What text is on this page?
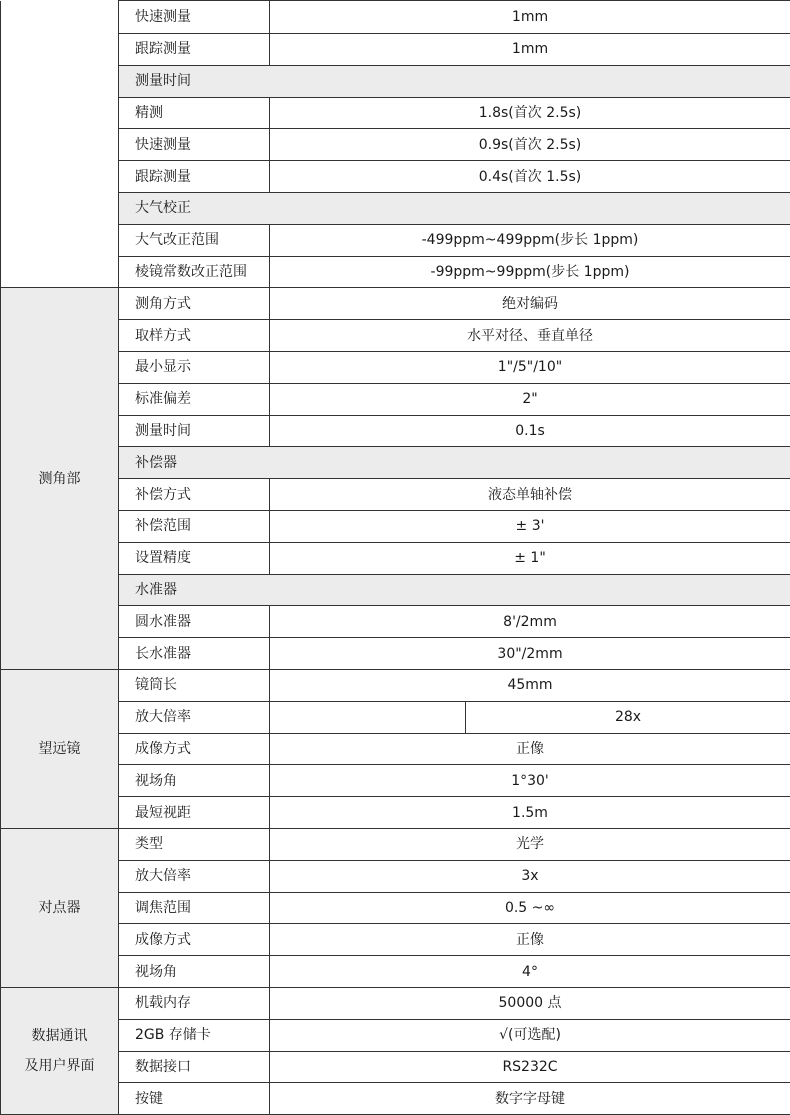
	快速测量	1mm	
	跟踪测量	1mm	
	测量时间		
	精测	1.8s(首次 2.5s)	
	快速测量	0.9s(首次 2.5s)	
	跟踪测量	0.4s(首次 1.5s)	
	大气校正		
	大气改正范围	-499ppm~499ppm(步长 1ppm)	
	棱镜常数改正范围	-99ppm~99ppm(步长 1ppm)	
测角部	测角方式	绝对编码	
	取样方式	水平对径、垂直单径	
	最小显示	1"/5"/10"	
	标准偏差	2"	
	测量时间	0.1s	
	补偿器		
	补偿方式	液态单轴补偿	
	补偿范围	± 3'	
	设置精度	± 1"	
	水准器		
	圆水准器	8'/2mm	
	长水准器	30"/2mm	
望远镜	镜筒长	45mm	
	放大倍率		28x
	成像方式	正像	
	视场角	1°30'	
	最短视距	1.5m	
对点器	类型	光学	
	放大倍率	3x	
	调焦范围	0.5 ~∞	
	成像方式	正像	
	视场角	4°	

数据通讯
及用户界面	机载内存	50000 点	
	2GB 存储卡	√(可选配)	
	数据接口	RS232C	
	按键	数字字母键	
